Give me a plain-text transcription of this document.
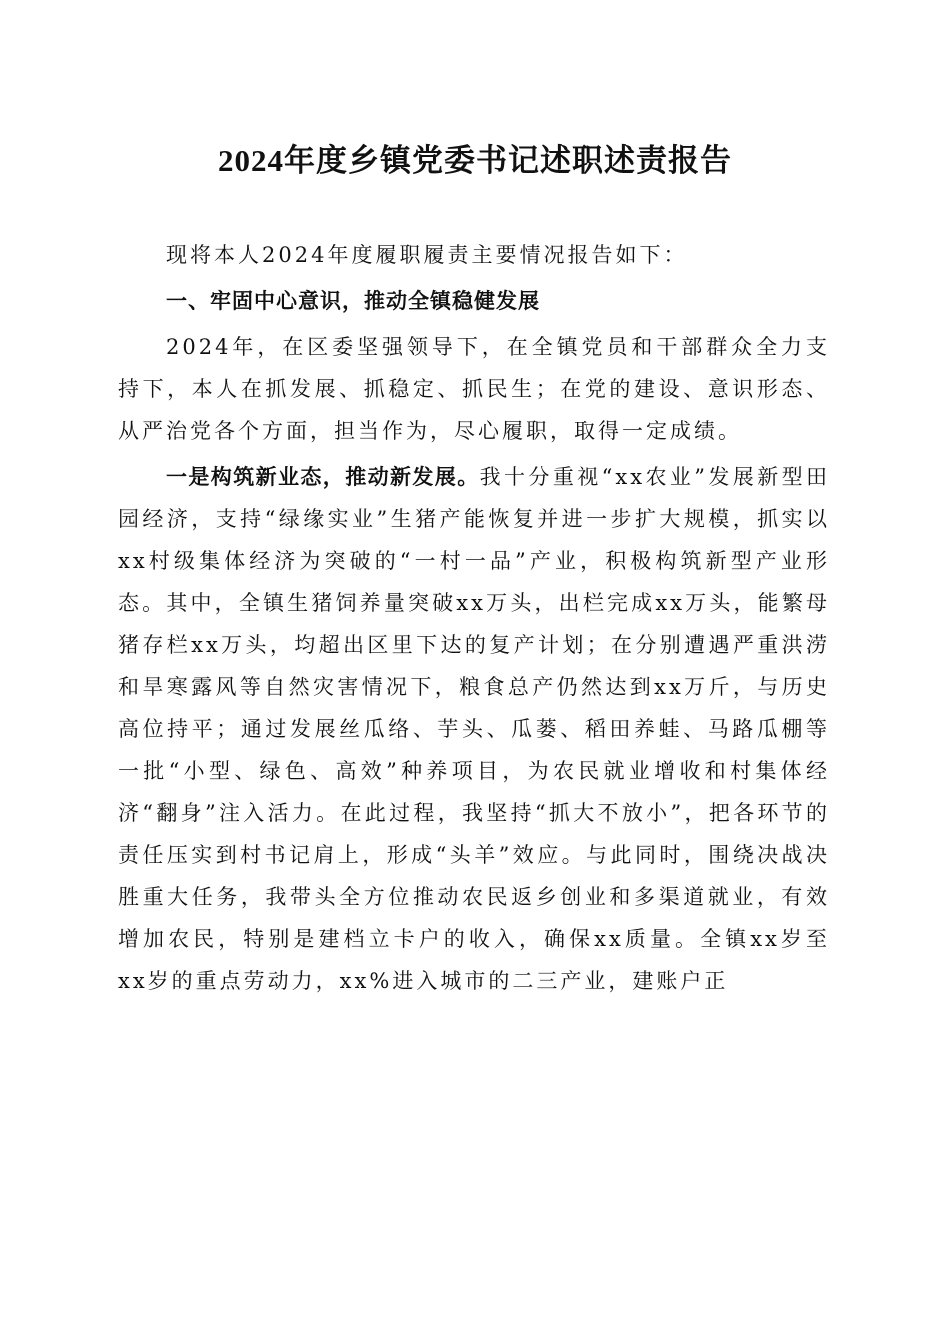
2024年度乡镇党委书记述职述责报告

现将本人2024年度履职履责主要情况报告如下：

一、牢固中心意识，推动全镇稳健发展

2024年，在区委坚强领导下，在全镇党员和干部群众全力支持下，本人在抓发展、抓稳定、抓民生；在党的建设、意识形态、从严治党各个方面，担当作为，尽心履职，取得一定成绩。

一是构筑新业态，推动新发展。我十分重视“xx农业”发展新型田园经济，支持“绿缘实业”生猪产能恢复并进一步扩大规模，抓实以xx村级集体经济为突破的“一村一品”产业，积极构筑新型产业形态。其中，全镇生猪饲养量突破xx万头，出栏完成xx万头，能繁母猪存栏xx万头，均超出区里下达的复产计划；在分别遭遇严重洪涝和旱寒露风等自然灾害情况下，粮食总产仍然达到xx万斤，与历史高位持平；通过发展丝瓜络、芋头、瓜蒌、稻田养蛙、马路瓜棚等一批“小型、绿色、高效”种养项目，为农民就业增收和村集体经济“翻身”注入活力。在此过程，我坚持“抓大不放小”，把各环节的责任压实到村书记肩上，形成“头羊”效应。与此同时，围绕决战决胜重大任务，我带头全方位推动农民返乡创业和多渠道就业，有效增加农民，特别是建档立卡户的收入，确保xx质量。全镇xx岁至xx岁的重点劳动力，xx%进入城市的二三产业，建账户正
